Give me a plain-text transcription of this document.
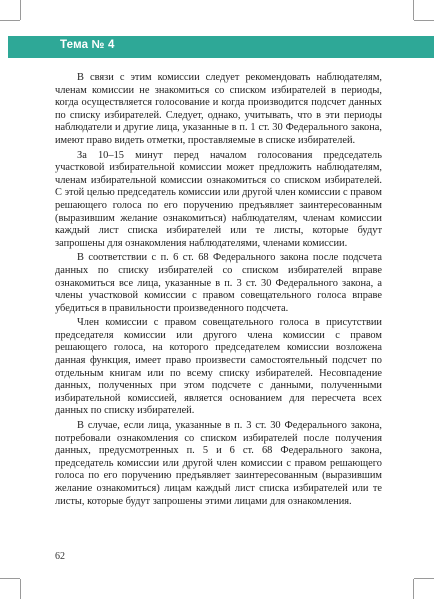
Тема № 4

В связи с этим комиссии следует рекомендовать наблюдателям, членам комиссии не знакомиться со списком избирателей в периоды, когда осуществляется голосование и когда производится подсчет данных по списку избирателей. Следует, однако, учитывать, что в эти периоды наблюдатели и другие лица, указанные в п. 1 ст. 30 Федерального закона, имеют право видеть отметки, проставляемые в списке избирателей.

За 10–15 минут перед началом голосования председатель участковой избирательной комиссии может предложить наблюдателям, членам избирательной комиссии ознакомиться со списком избирателей. С этой целью председатель комиссии или другой член комиссии с правом решающего голоса по его поручению предъявляет заинтересованным (выразившим желание ознакомиться) наблюдателям, членам комиссии каждый лист списка избирателей или те листы, которые будут запрошены для ознакомления наблюдателями, членами комиссии.

В соответствии с п. 6 ст. 68 Федерального закона после подсчета данных по списку избирателей со списком избирателей вправе ознакомиться все лица, указанные в п. 3 ст. 30 Федерального закона, а члены участковой комиссии с правом совещательного голоса вправе убедиться в правильности произведенного подсчета.

Член комиссии с правом совещательного голоса в присутствии председателя комиссии или другого члена комиссии с правом решающего голоса, на которого председателем комиссии возложена данная функция, имеет право произвести самостоятельный подсчет по отдельным книгам или по всему списку избирателей. Несовпадение данных, полученных при этом подсчете с данными, полученными избирательной комиссией, является основанием для пересчета всех данных по списку избирателей.

В случае, если лица, указанные в п. 3 ст. 30 Федерального закона, потребовали ознакомления со списком избирателей после получения данных, предусмотренных п. 5 и 6 ст. 68 Федерального закона, председатель комиссии или другой член комиссии с правом решающего голоса по его поручению предъявляет заинтересованным (выразившим желание ознакомиться) лицам каждый лист списка избирателей или те листы, которые будут запрошены этими лицами для ознакомления.

62
